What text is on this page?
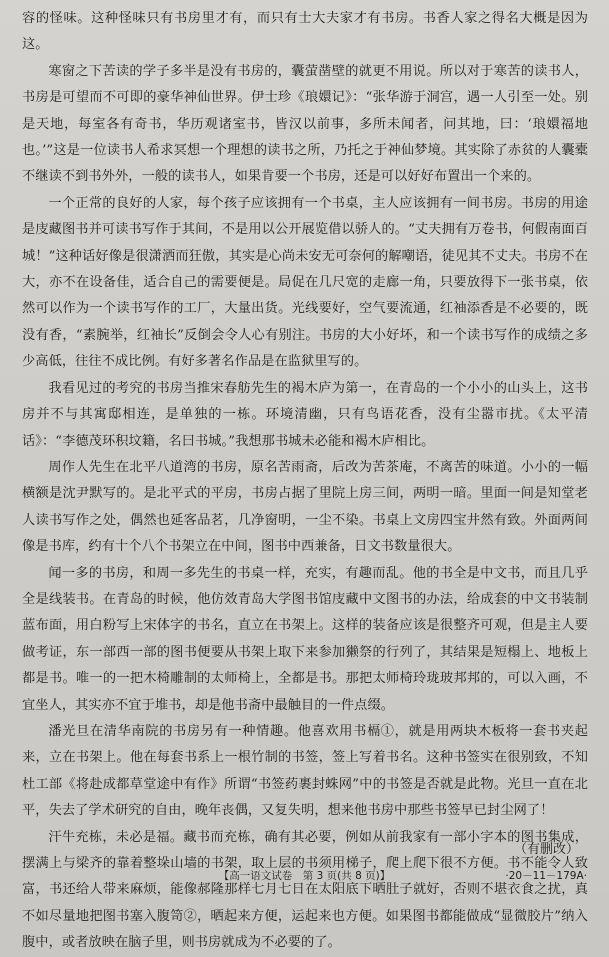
容的怪味。这种怪味只有书房里才有，而只有士大夫家才有书房。书香人家之得名大概是因为这。

寒窗之下苦读的学子多半是没有书房的，囊萤凿壁的就更不用说。所以对于寒苦的读书人，书房是可望而不可即的豪华神仙世界。伊士珍《琅嬛记》：“张华游于洞宫，遇一人引至一处。别是天地，每室各有奇书，华历观诸室书，皆汉以前事，多所未闻者，问其地，曰：‘琅嬛福地也。’”这是一位读书人希求冥想一个理想的读书之所，乃托之于神仙梦境。其实除了赤贫的人囊橐不继读不到书外外，一般的读书人，如果肯要一个书房，还是可以好好布置出一个来的。

一个正常的良好的人家，每个孩子应该拥有一个书桌，主人应该拥有一间书房。书房的用途是庋藏图书并可读书写作于其间，不是用以公开展览借以骄人的。“丈夫拥有万卷书，何假南面百城！”这种话好像是很潇洒而狂傲，其实是心尚未安无可奈何的解嘲语，徒见其不丈夫。书房不在大，亦不在设备佳，适合自己的需要便是。局促在几尺宽的走廊一角，只要放得下一张书桌，依然可以作为一个读书写作的工厂，大量出货。光线要好，空气要流通，红袖添香是不必要的，既没有香，“素腕举，红袖长”反倒会令人心有别注。书房的大小好坏，和一个读书写作的成绩之多少高低，往往不成比例。有好多著名作品是在监狱里写的。

我看见过的考究的书房当推宋春舫先生的褐木庐为第一，在青岛的一个小小的山头上，这书房并不与其寓邸相连，是单独的一栋。环境清幽，只有鸟语花香，没有尘嚣市扰。《太平清话》：“李德茂环积坟籍，名曰书城。”我想那书城未必能和褐木庐相比。

周作人先生在北平八道湾的书房，原名苦雨斋，后改为苦茶庵，不离苦的味道。小小的一幅横额是沈尹默写的。是北平式的平房，书房占据了里院上房三间，两明一暗。里面一间是知堂老人读书写作之处，偶然也延客品茗，几净窗明，一尘不染。书桌上文房四宝井然有致。外面两间像是书库，约有十个八个书架立在中间，图书中西兼备，日文书数量很大。

闻一多的书房，和周一多先生的书桌一样，充实，有趣而乱。他的书全是中文书，而且几乎全是线装书。在青岛的时候，他仿效青岛大学图书馆庋藏中文图书的办法，给成套的中文书装制蓝布面，用白粉写上宋体字的书名，直立在书架上。这样的装备应该是很整齐可观，但是主人要做考证，东一部西一部的图书便要从书架上取下来参加獭祭的行列了，其结果是短榻上、地板上都是书。唯一的一把木椅雕制的太师椅上，全都是书。那把太师椅玲珑玻邦邦的，可以入画，不宜坐人，其实亦不宜于堆书，却是他书斋中最触目的一件点缀。

潘光旦在清华南院的书房另有一种情趣。他喜欢用书槅①，就是用两块木板将一套书夹起来，立在书架上。他在每套书系上一根竹制的书签，签上写着书名。这种书签实在很别致，不知杜工部《将赴成都草堂途中有作》所谓“书签药裹封蛛网”中的书签是否就是此物。光旦一直在北平，失去了学术研究的自由，晚年丧偶，又复失明，想来他书房中那些书签早已封尘网了！

汗牛充栋，未必是福。藏书而充栋，确有其必要，例如从前我家有一部小字本的图书集成，摆满上与梁齐的靠着整垛山墙的书架，取上层的书须用梯子，爬上爬下很不方便。书不能令人致富，书还给人带来麻烦，能像郝隆那样七月七日在太阳底下晒肚子就好，否则不堪衣食之扰，真不如尽量地把图书塞入腹笥②，晒起来方便，运起来也方便。如果图书都能做成“显微胶片”纳入腹中，或者放映在脑子里，则书房就成为不必要的了。

（有删改）
【高一语文试卷　第 3 页(共 8 页)】	·20－11－179A·
